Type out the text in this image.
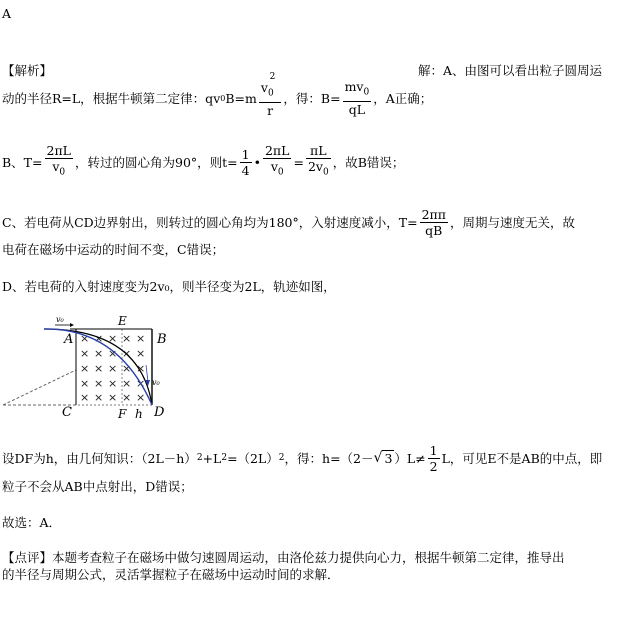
A
【解析】	解：A、由图可以看出粒子圆周运
动的半径R=L，根据牛顿第二定律：qv 0 $B=m \frac{v_0^2}{r}$ ，得：$B= \frac{mv_0}{qL}$ ，A正确；
B、$T= \frac{2\pi L}{v_0}$ ，转过的圆心角为90°，则$t= \frac{1}{4}$ • $\frac{2\pi L}{v_0} = \frac{\pi L}{2v_0}$ ，故B错误；
C、若电荷从CD边界射出，则转过的圆心角均为180°，入射速度减小，$T= \frac{2\pi\pi}{qB}$ ，周期与速度无关，故
电荷在磁场中运动的时间不变，C错误；
D、若电荷的入射速度变为2v₀，则半径变为2L，轨迹如图，
× × × × ×
× × × × ×
× × × × ×
× × × × ×
× × × × ×
v₀
v₀
A	B
C	D
E
F h
设DF为h，由几何知识：（2L－h） 2 +L 2 =（2L） 2 ，得：h=（2－ √ 3 ）$L\ne \frac{1}{2}$ L，可见E不是AB的中点，即
粒子不会从AB中点射出，D错误；
故选：A．
【点评】本题考查粒子在磁场中做匀速圆周运动，由洛伦兹力提供向心力，根据牛顿第二定律，推导出
的半径与周期公式，灵活掌握粒子在磁场中运动时间的求解．
